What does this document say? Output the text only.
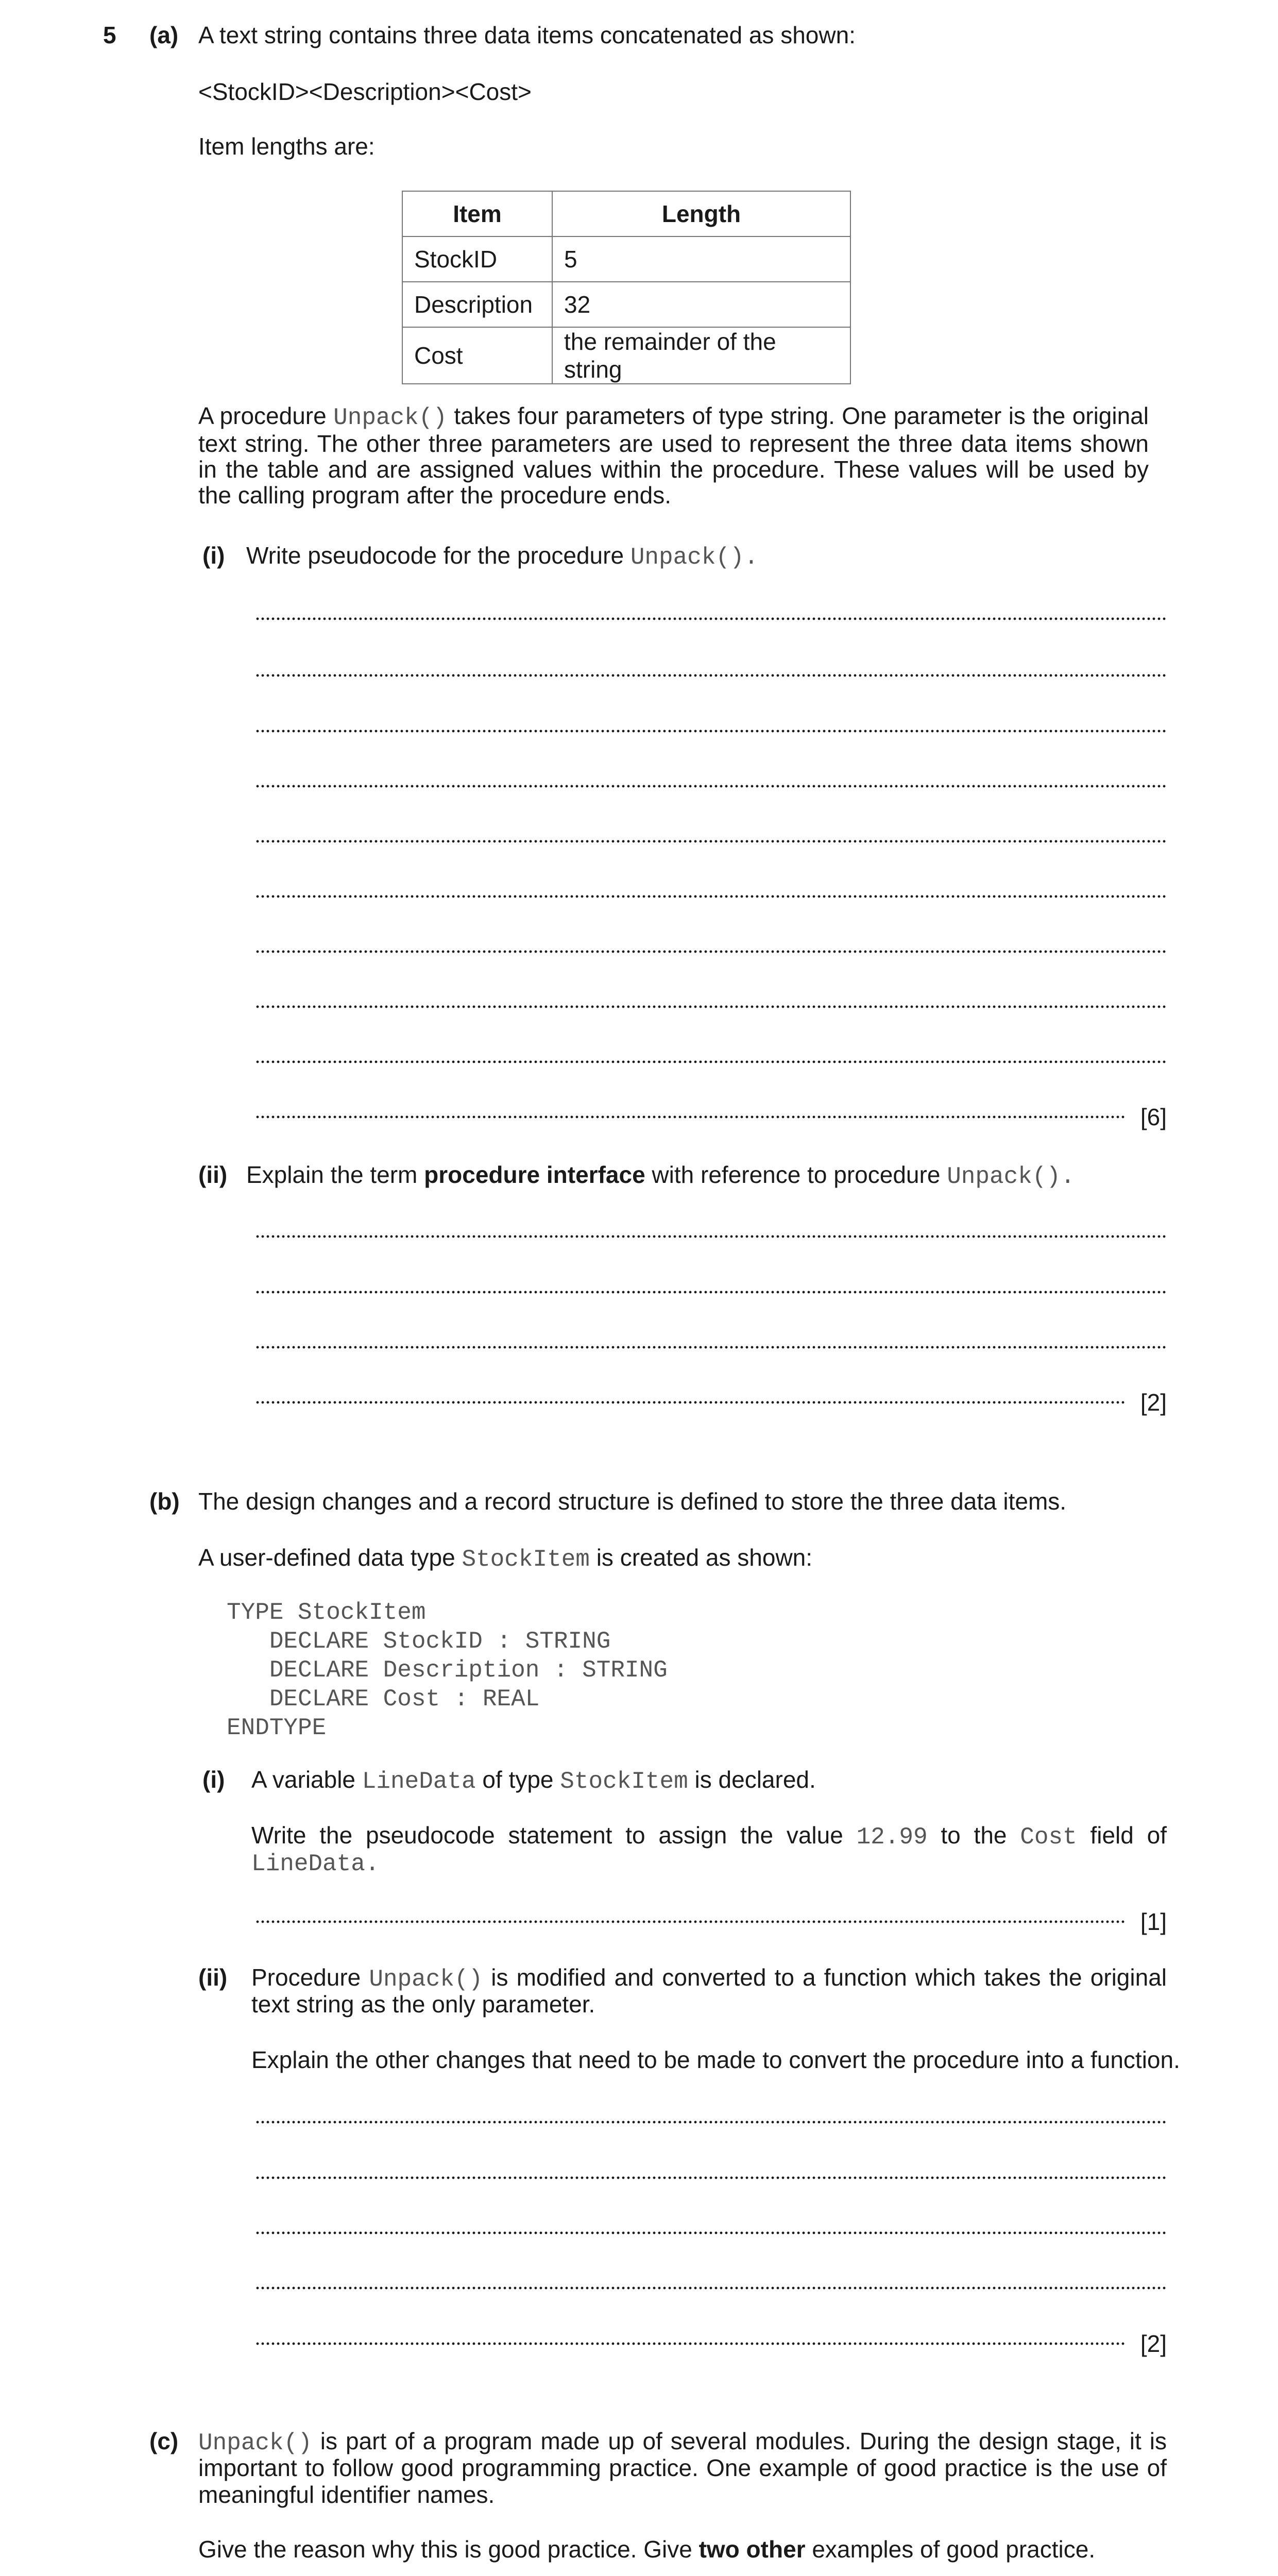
5 (a) A text string contains three data items concatenated as shown:
<StockID><Description><Cost>
Item lengths are:
Item	Length
StockID	5
Description	32
Cost	the remainder of the string
A procedure Unpack() takes four parameters of type string. One parameter is the original text string. The other three parameters are used to represent the three data items shown in the table and are assigned values within the procedure. These values will be used by the calling program after the procedure ends.
(i) Write pseudocode for the procedure Unpack().
[6]
(ii) Explain the term procedure interface with reference to procedure Unpack().
[2]
(b) The design changes and a record structure is defined to store the three data items.
A user-defined data type StockItem is created as shown:
TYPE StockItem
DECLARE StockID : STRING
DECLARE Description : STRING
DECLARE Cost : REAL
ENDTYPE
(i) A variable LineData of type StockItem is declared.
Write the pseudocode statement to assign the value 12.99 to the Cost field of
LineData.
[1]
(ii) Procedure Unpack() is modified and converted to a function which takes the original
text string as the only parameter.
Explain the other changes that need to be made to convert the procedure into a function.
[2]
(c) Unpack() is part of a program made up of several modules. During the design stage, it is
important to follow good programming practice. One example of good practice is the use of
meaningful identifier names.
Give the reason why this is good practice. Give two other examples of good practice.
